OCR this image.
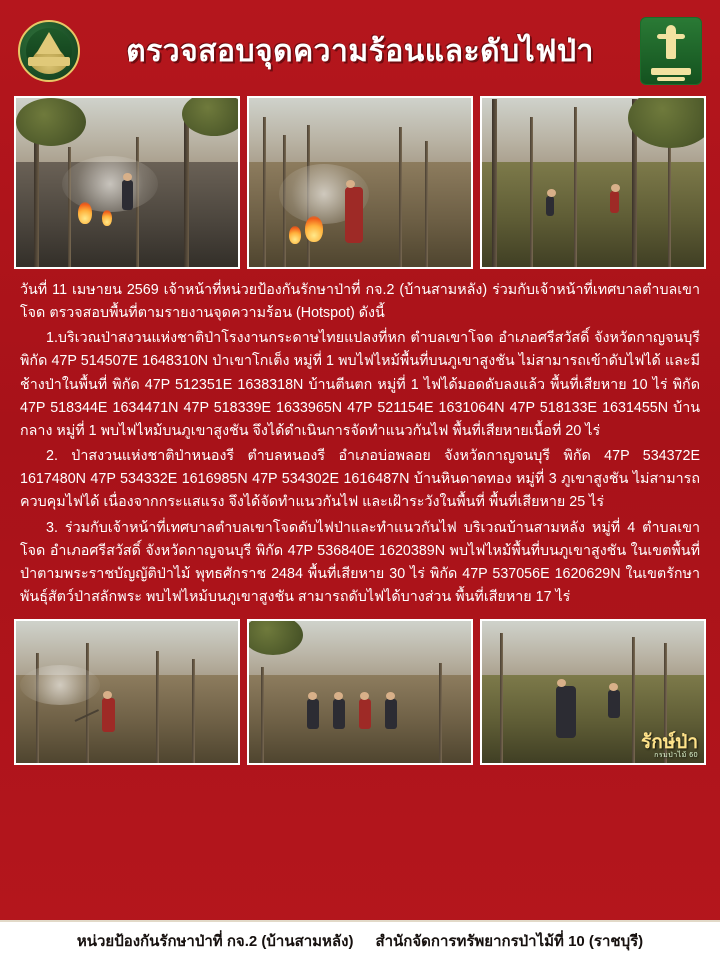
ตรวจสอบจุดความร้อนและดับไฟป่า

วันที่ 11 เมษายน 2569 เจ้าหน้าที่หน่วยป้องกันรักษาป่าที่ กจ.2 (บ้านสามหลัง) ร่วมกับเจ้าหน้าที่เทศบาลตำบลเขาโจด ตรวจสอบพื้นที่ตามรายงานจุดความร้อน (Hotspot) ดังนี้

1.บริเวณป่าสงวนแห่งชาติป่าโรงงานกระดาษไทยแปลงที่หก ตำบลเขาโจด อำเภอศรีสวัสดิ์ จังหวัดกาญจนบุรี พิกัด 47P 514507E 1648310N ป่าเขาโกเต็ง หมู่ที่ 1 พบไฟไหม้พื้นที่บนภูเขาสูงชัน ไม่สามารถเข้าดับไฟได้ และมีช้างป่าในพื้นที่ พิกัด 47P 512351E 1638318N บ้านตีนตก หมู่ที่ 1 ไฟได้มอดดับลงแล้ว พื้นที่เสียหาย 10 ไร่ พิกัด 47P 518344E 1634471N 47P 518339E 1633965N 47P 521154E 1631064N 47P 518133E 1631455N บ้านกลาง หมู่ที่ 1 พบไฟไหม้บนภูเขาสูงชัน จึงได้ดำเนินการจัดทำแนวกันไฟ พื้นที่เสียหายเนื้อที่ 20 ไร่

2. ป่าสงวนแห่งชาติป่าหนองรี ตำบลหนองรี อำเภอบ่อพลอย จังหวัดกาญจนบุรี พิกัด 47P 534372E 1617480N 47P 534332E 1616985N 47P 534302E 1616487N บ้านหินดาดทอง หมู่ที่ 3 ภูเขาสูงชัน ไม่สามารถควบคุมไฟได้ เนื่องจากกระแสแรง จึงได้จัดทำแนวกันไฟ และเฝ้าระวังในพื้นที่ พื้นที่เสียหาย 25 ไร่

3. ร่วมกับเจ้าหน้าที่เทศบาลตำบลเขาโจดดับไฟป่าและทำแนวกันไฟ บริเวณบ้านสามหลัง หมู่ที่ 4 ตำบลเขาโจด อำเภอศรีสวัสดิ์ จังหวัดกาญจนบุรี พิกัด 47P 536840E 1620389N พบไฟไหม้พื้นที่บนภูเขาสูงชัน ในเขตพื้นที่ป่าตามพระราชบัญญัติป่าไม้ พุทธศักราช 2484 พื้นที่เสียหาย 30 ไร่ พิกัด 47P 537056E 1620629N ในเขตรักษาพันธุ์สัตว์ป่าสลักพระ พบไฟไหม้บนภูเขาสูงชัน สามารถดับไฟได้บางส่วน พื้นที่เสียหาย 17 ไร่

รักษ์ป่า
กรมป่าไม้ 60
หน่วยป้องกันรักษาป่าที่ กจ.2 (บ้านสามหลัง) สำนักจัดการทรัพยากรป่าไม้ที่ 10 (ราชบุรี)
